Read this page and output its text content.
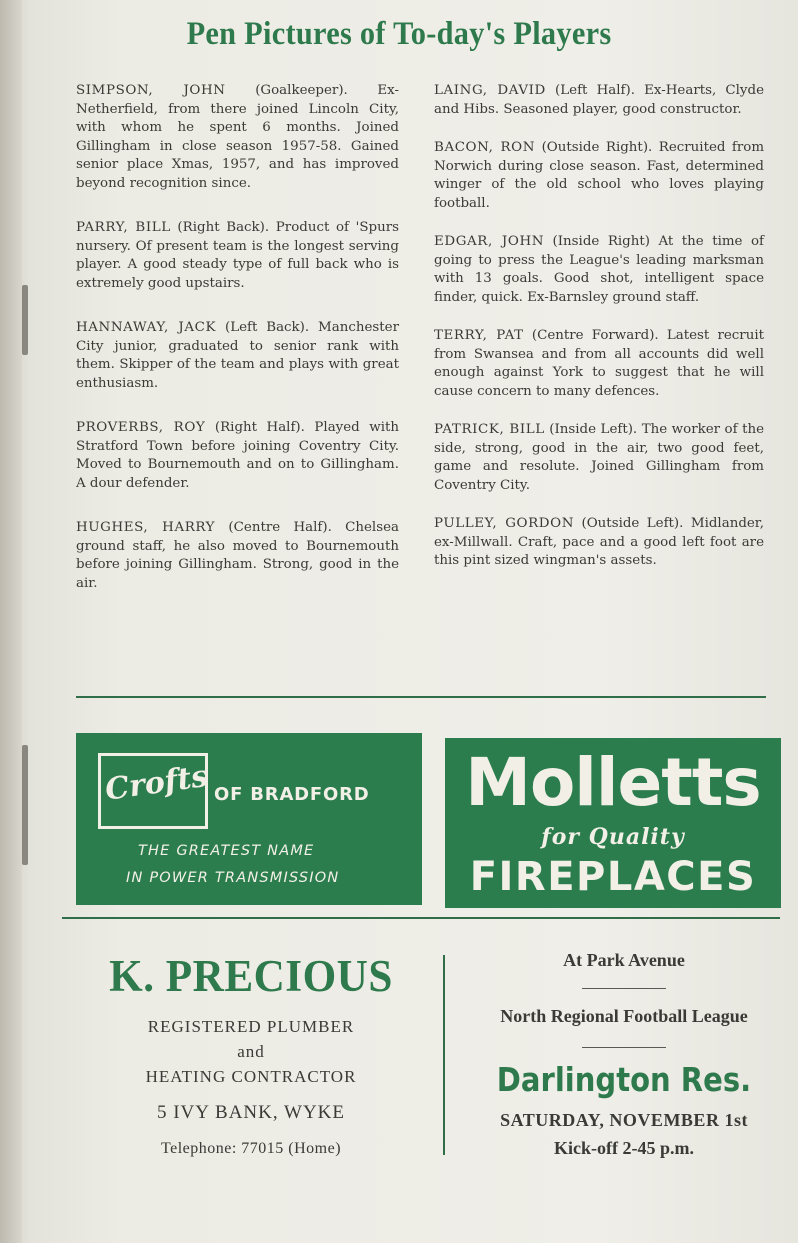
Pen Pictures of To-day's Players
SIMPSON, JOHN (Goalkeeper). Ex-Netherfield, from there joined Lincoln City, with whom he spent 6 months. Joined Gillingham in close season 1957-58. Gained senior place Xmas, 1957, and has improved beyond recognition since.
PARRY, BILL (Right Back). Product of 'Spurs nursery. Of present team is the longest serving player. A good steady type of full back who is extremely good upstairs.
HANNAWAY, JACK (Left Back). Manchester City junior, graduated to senior rank with them. Skipper of the team and plays with great enthusiasm.
PROVERBS, ROY (Right Half). Played with Stratford Town before joining Coventry City. Moved to Bournemouth and on to Gillingham. A dour defender.
HUGHES, HARRY (Centre Half). Chelsea ground staff, he also moved to Bournemouth before joining Gillingham. Strong, good in the air.
LAING, DAVID (Left Half). Ex-Hearts, Clyde and Hibs. Seasoned player, good constructor.
BACON, RON (Outside Right). Recruited from Norwich during close season. Fast, determined winger of the old school who loves playing football.
EDGAR, JOHN (Inside Right) At the time of going to press the League's leading marksman with 13 goals. Good shot, intelligent space finder, quick. Ex-Barnsley ground staff.
TERRY, PAT (Centre Forward). Latest recruit from Swansea and from all accounts did well enough against York to suggest that he will cause concern to many defences.
PATRICK, BILL (Inside Left). The worker of the side, strong, good in the air, two good feet, game and resolute. Joined Gillingham from Coventry City.
PULLEY, GORDON (Outside Left). Midlander, ex-Millwall. Craft, pace and a good left foot are this pint sized wingman's assets.
Crofts OF BRADFORD
THE GREATEST NAME
IN POWER TRANSMISSION
Molletts
for Quality
FIREPLACES
K. PRECIOUS
REGISTERED PLUMBER
and
HEATING CONTRACTOR
5 IVY BANK, WYKE
Telephone: 77015 (Home)
At Park Avenue
North Regional Football League
Darlington Res.
SATURDAY, NOVEMBER 1st
Kick-off 2-45 p.m.
